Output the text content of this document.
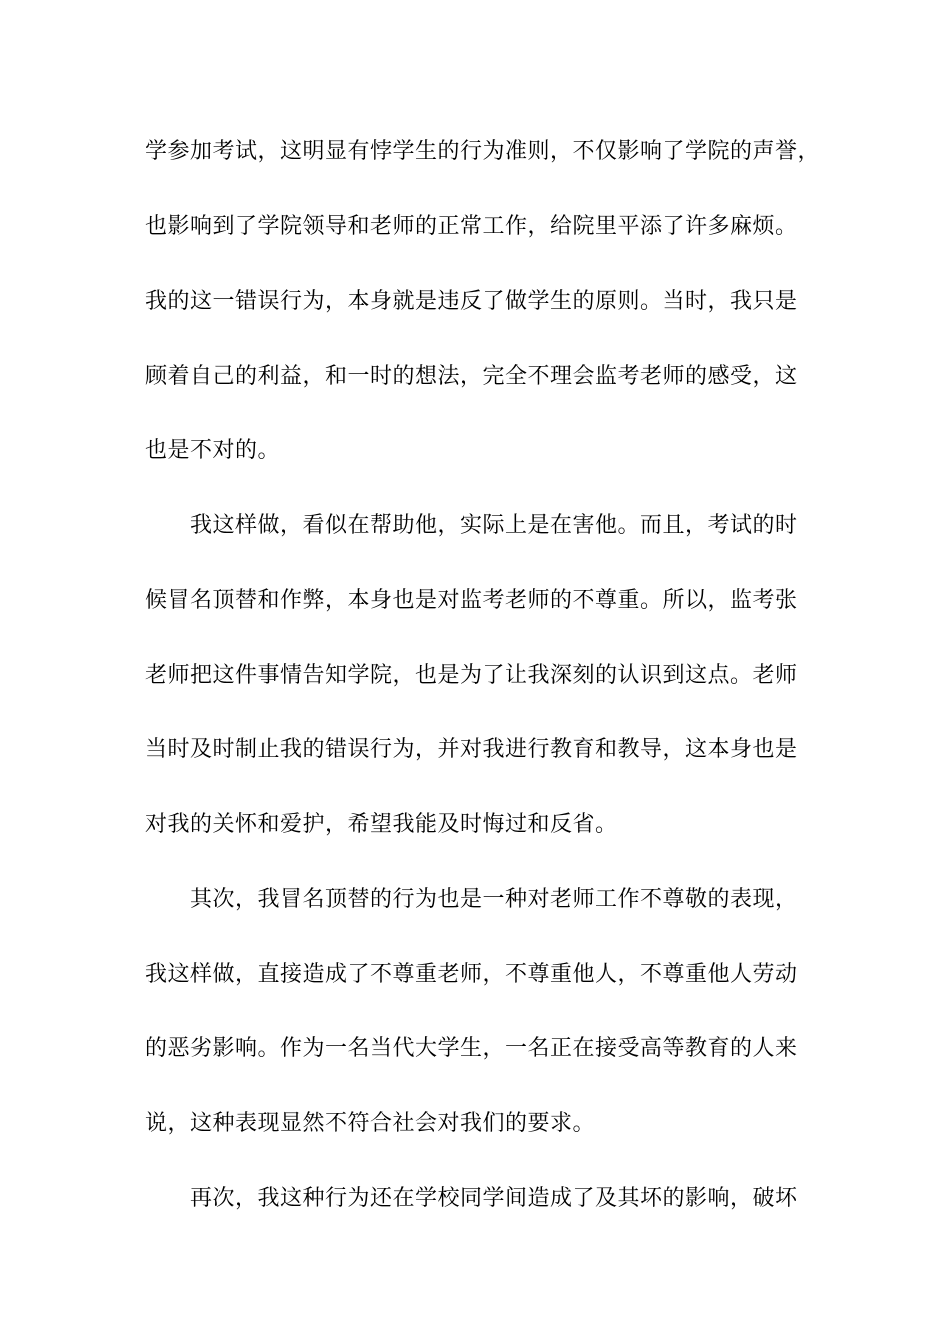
学参加考试，这明显有悖学生的行为准则，不仅影响了学院的声誉，
也影响到了学院领导和老师的正常工作，给院里平添了许多麻烦。
我的这一错误行为，本身就是违反了做学生的原则。当时，我只是
顾着自己的利益，和一时的想法，完全不理会监考老师的感受，这
也是不对的。
我这样做，看似在帮助他，实际上是在害他。而且，考试的时
候冒名顶替和作弊，本身也是对监考老师的不尊重。所以，监考张
老师把这件事情告知学院，也是为了让我深刻的认识到这点。老师
当时及时制止我的错误行为，并对我进行教育和教导，这本身也是
对我的关怀和爱护，希望我能及时悔过和反省。
其次，我冒名顶替的行为也是一种对老师工作不尊敬的表现，
我这样做，直接造成了不尊重老师，不尊重他人，不尊重他人劳动
的恶劣影响。作为一名当代大学生，一名正在接受高等教育的人来
说，这种表现显然不符合社会对我们的要求。
再次，我这种行为还在学校同学间造成了及其坏的影响，破坏
